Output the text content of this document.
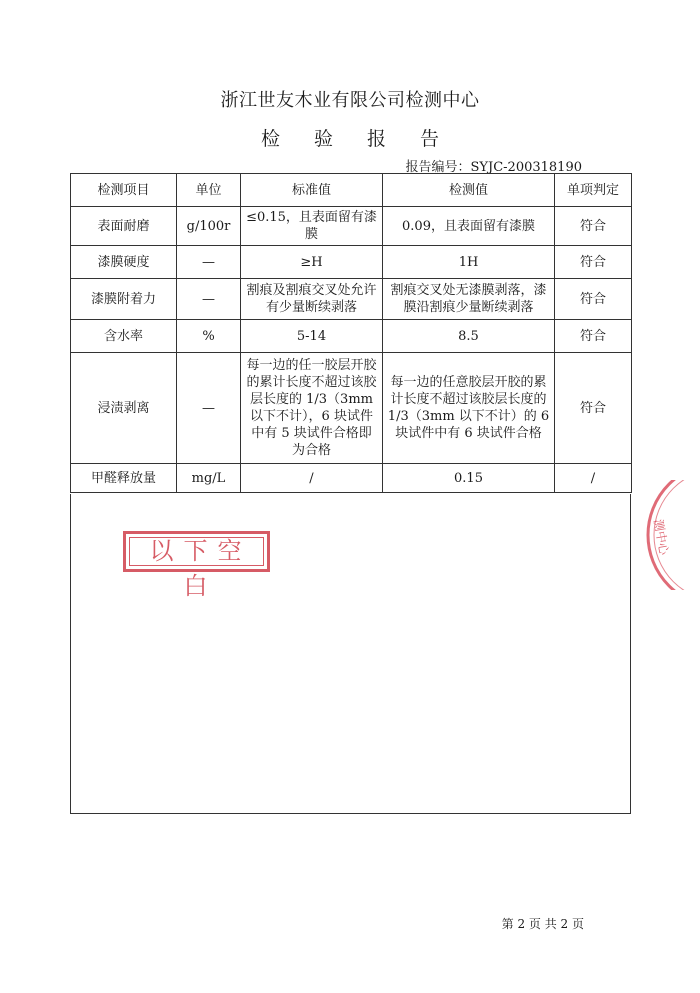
浙江世友木业有限公司检测中心
检 验 报 告
报告编号：SYJC-200318190
检测项目	单位	标准值	检测值	单项判定
表面耐磨	g/100r	≤0.15，且表面留有漆膜	0.09，且表面留有漆膜	符合
漆膜硬度	—	≥H	1H	符合
漆膜附着力	—	割痕及割痕交叉处允许有少量断续剥落	割痕交叉处无漆膜剥落，漆膜沿割痕少量断续剥落	符合
含水率	%	5-14	8.5	符合
浸渍剥离	—	每一边的任一胶层开胶的累计长度不超过该胶层长度的 1/3（3mm 以下不计），6 块试件中有 5 块试件合格即为合格	每一边的任意胶层开胶的累计长度不超过该胶层长度的 1/3（3mm 以下不计）的 6 块试件中有 6 块试件合格	符合
甲醛释放量	mg/L	/	0.15	/
以下空白
测中心
第 2 页 共 2 页
